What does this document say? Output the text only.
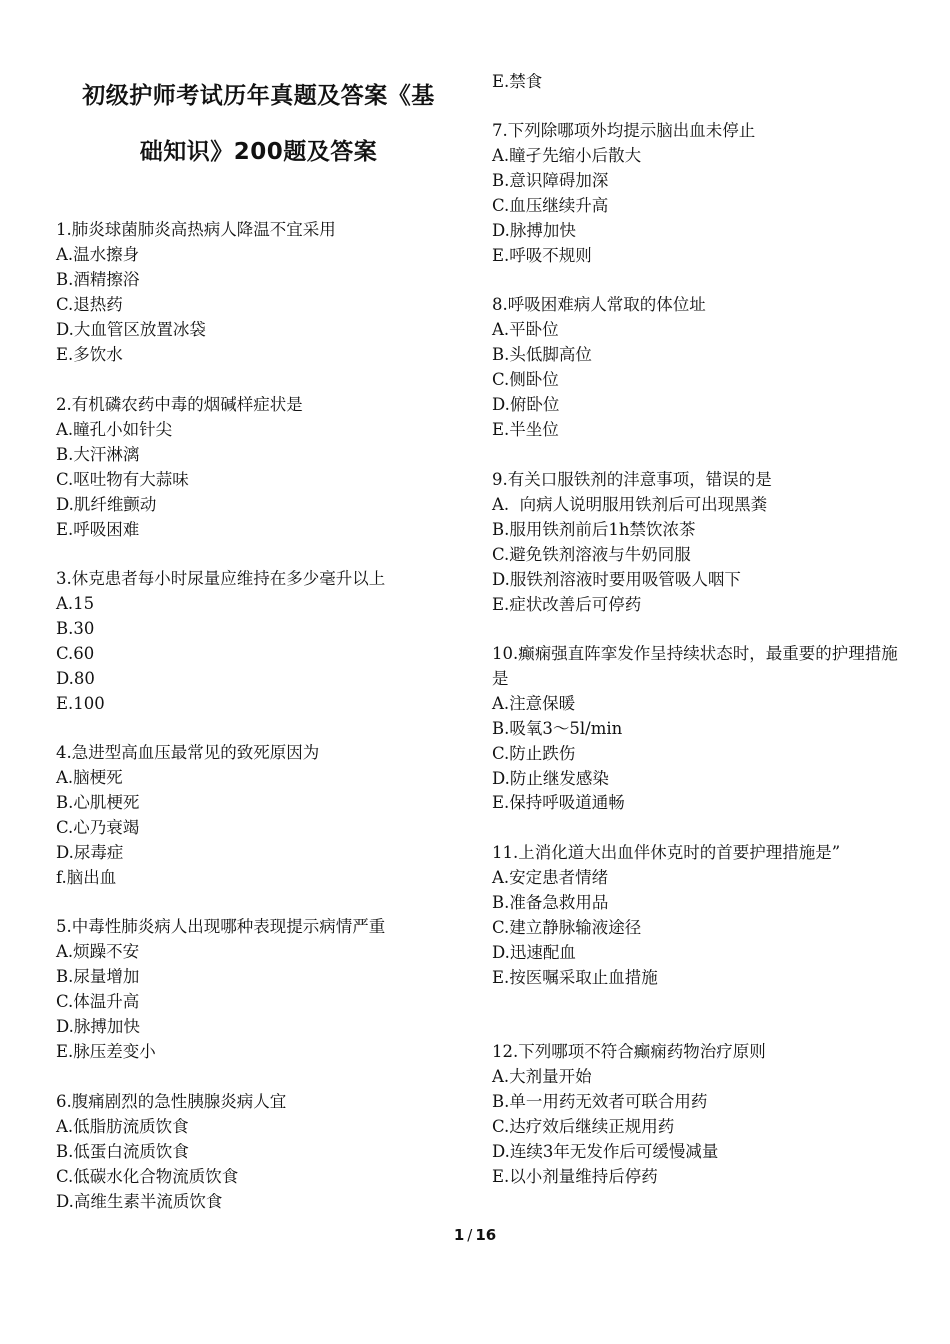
初级护师考试历年真题及答案《基
础知识》200题及答案
1.肺炎球菌肺炎高热病人降温不宜采用
A.温水擦身
B.酒精擦浴
C.退热药
D.大血管区放置冰袋
E.多饮水
2.有机磷农药中毒的烟碱样症状是
A.瞳孔小如针尖
B.大汗淋漓
C.呕吐物有大蒜味
D.肌纤维颤动
E.呼吸困难
3.休克患者每小时尿量应维持在多少毫升以上
A.15
B.30
C.60
D.80
E.100
4.急进型高血压最常见的致死原因为
A.脑梗死
B.心肌梗死
C.心乃衰竭
D.尿毒症
f.脑出血
5.中毒性肺炎病人出现哪种表现提示病情严重
A.烦躁不安
B.尿量增加
C.体温升高
D.脉搏加快
E.脉压差变小
6.腹痛剧烈的急性胰腺炎病人宜
A.低脂肪流质饮食
B.低蛋白流质饮食
C.低碳水化合物流质饮食
D.高维生素半流质饮食
E.禁食
7.下列除哪项外均提示脑出血未停止
A.瞳孑先缩小后散大
B.意识障碍加深
C.血压继续升高
D.脉搏加快
E.呼吸不规则
8.呼吸困难病人常取的体位址
A.平卧位
B.头低脚高位
C.侧卧位
D.俯卧位
E.半坐位
9.有关口服铁剂的沣意事项，错误的是
A.  向病人说明服用铁剂后可出现黑粪
B.服用铁剂前后1h禁饮浓茶
C.避免铁剂溶液与牛奶同服
D.服铁剂溶液时要用吸管吸人咽下
E.症状改善后可停药
10.癫痫强直阵挛发作呈持续状态时，最重要的护理措施是
A.注意保暖
B.吸氧3～5l/min
C.防止跌伤
D.防止继发感染
E.保持呼吸道通畅
11.上消化道大出血伴休克时的首要护理措施是”
A.安定患者情绪
B.准备急救用品
C.建立静脉输液途径
D.迅速配血
E.按医嘱采取止血措施
12.下列哪项不符合癫痫药物治疗原则
A.大剂量开始
B.单一用药无效者可联合用药
C.达疗效后继续正规用药
D.连续3年无发作后可缓慢减量
E.以小剂量维持后停药
1 / 16
